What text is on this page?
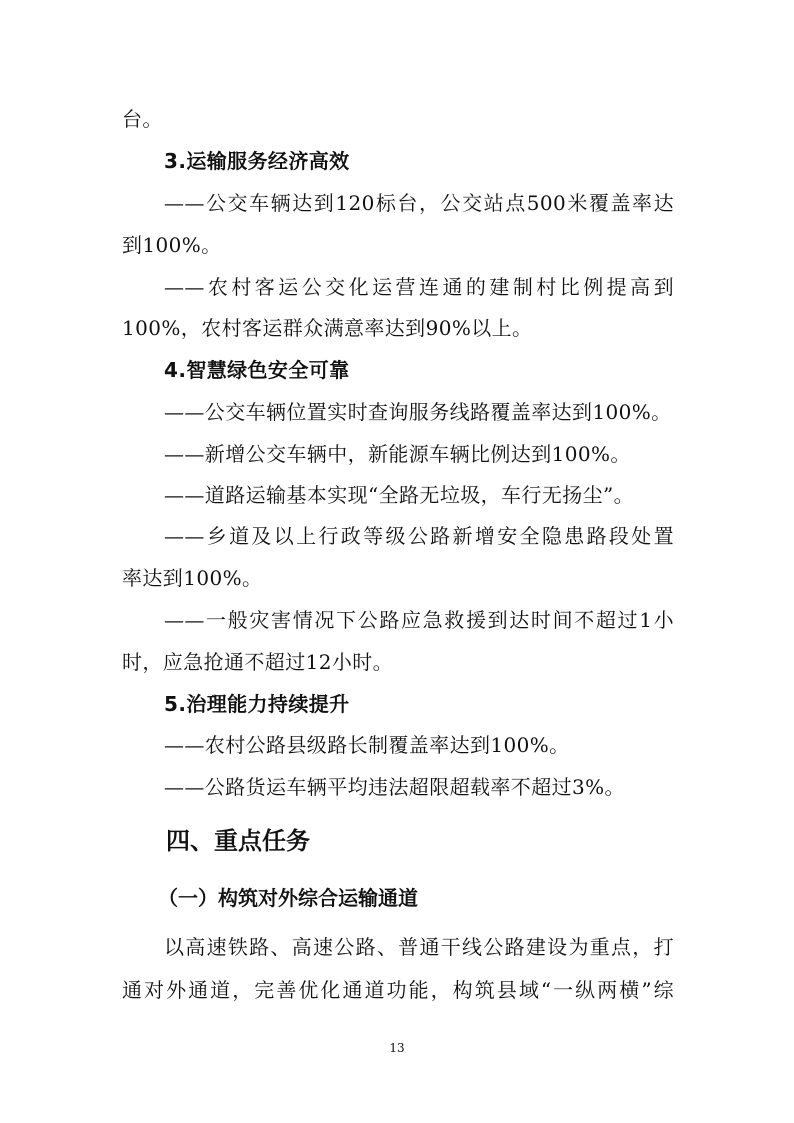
台。
3.运输服务经济高效
——公交车辆达到120标台，公交站点500米覆盖率达
到100%。
——农村客运公交化运营连通的建制村比例提高到
100%，农村客运群众满意率达到90%以上。
4.智慧绿色安全可靠
——公交车辆位置实时查询服务线路覆盖率达到100%。
——新增公交车辆中，新能源车辆比例达到100%。
——道路运输基本实现“全路无垃圾，车行无扬尘”。
——乡道及以上行政等级公路新增安全隐患路段处置
率达到100%。
——一般灾害情况下公路应急救援到达时间不超过1小
时，应急抢通不超过12小时。
5.治理能力持续提升
——农村公路县级路长制覆盖率达到100%。
——公路货运车辆平均违法超限超载率不超过3%。
四、重点任务
（一）构筑对外综合运输通道
以高速铁路、高速公路、普通干线公路建设为重点，打
通对外通道，完善优化通道功能，构筑县域“一纵两横”综
13
